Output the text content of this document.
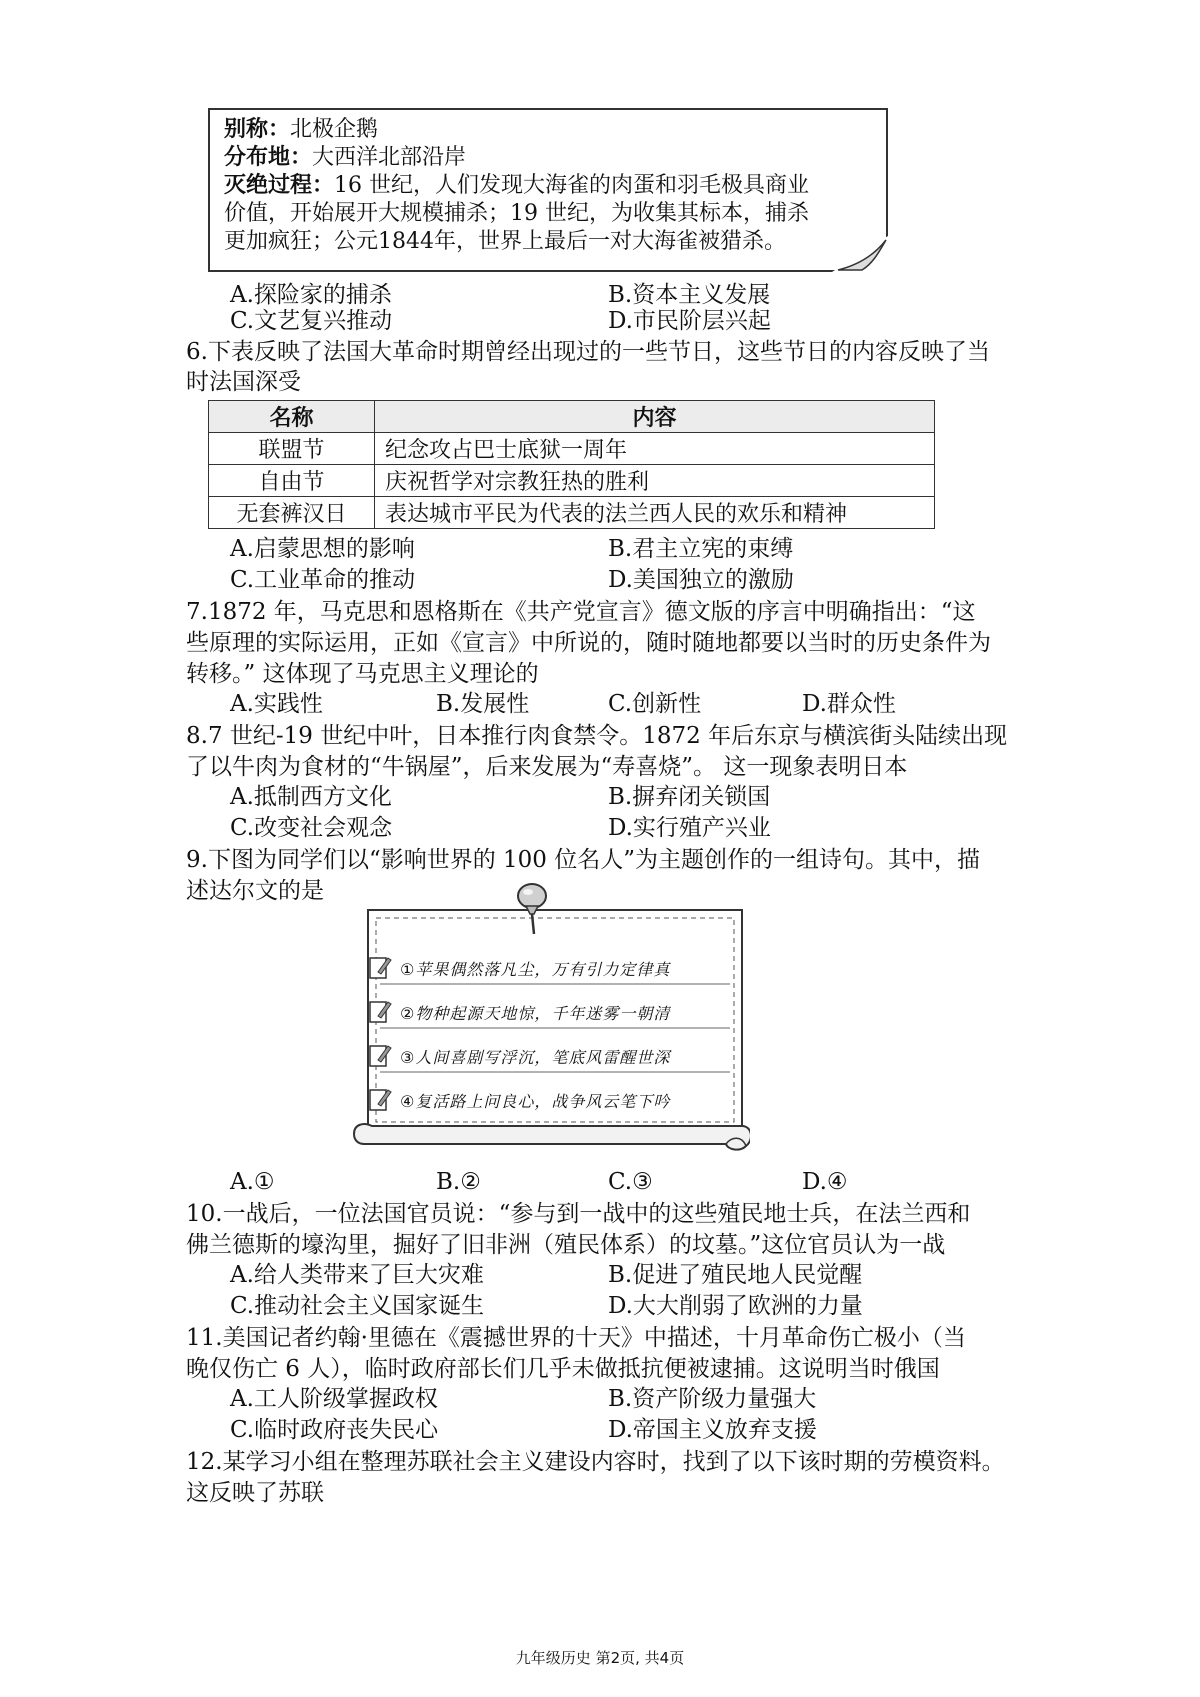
别称：北极企鹅
分布地：大西洋北部沿岸
灭绝过程：16 世纪，人们发现大海雀的肉蛋和羽毛极具商业
价值，开始展开大规模捕杀；19 世纪，为收集其标本，捕杀
更加疯狂；公元1844年，世界上最后一对大海雀被猎杀。
A.探险家的捕杀	B.资本主义发展
C.文艺复兴推动	D.市民阶层兴起
6.下表反映了法国大革命时期曾经出现过的一些节日，这些节日的内容反映了当
时法国深受
名称	内容
联盟节	纪念攻占巴士底狱一周年
自由节	庆祝哲学对宗教狂热的胜利
无套裤汉日	表达城市平民为代表的法兰西人民的欢乐和精神
A.启蒙思想的影响	B.君主立宪的束缚
C.工业革命的推动	D.美国独立的激励
7.1872 年，马克思和恩格斯在《共产党宣言》德文版的序言中明确指出：“这
些原理的实际运用，正如《宣言》中所说的，随时随地都要以当时的历史条件为
转移。” 这体现了马克思主义理论的
A.实践性	B.发展性	C.创新性	D.群众性
8.7 世纪-19 世纪中叶，日本推行肉食禁令。1872 年后东京与横滨街头陆续出现
了以牛肉为食材的“牛锅屋”，后来发展为“寿喜烧”。 这一现象表明日本
A.抵制西方文化	B.摒弃闭关锁国
C.改变社会观念	D.实行殖产兴业
9.下图为同学们以“影响世界的 100 位名人”为主题创作的一组诗句。其中，描
述达尔文的是
①苹果偶然落凡尘，万有引力定律真
②物种起源天地惊，千年迷雾一朝清
③人间喜剧写浮沉，笔底风雷醒世深
④复活路上问良心，战争风云笔下吟
A.①	B.②	C.③	D.④
10.一战后，一位法国官员说：“参与到一战中的这些殖民地士兵，在法兰西和
佛兰德斯的壕沟里，掘好了旧非洲（殖民体系）的坟墓。”这位官员认为一战
A.给人类带来了巨大灾难	B.促进了殖民地人民觉醒
C.推动社会主义国家诞生	D.大大削弱了欧洲的力量
11.美国记者约翰·里德在《震撼世界的十天》中描述，十月革命伤亡极小（当
晚仅伤亡 6 人），临时政府部长们几乎未做抵抗便被逮捕。这说明当时俄国
A.工人阶级掌握政权	B.资产阶级力量强大
C.临时政府丧失民心	D.帝国主义放弃支援
12.某学习小组在整理苏联社会主义建设内容时，找到了以下该时期的劳模资料。
这反映了苏联
九年级历史 第2页, 共4页
